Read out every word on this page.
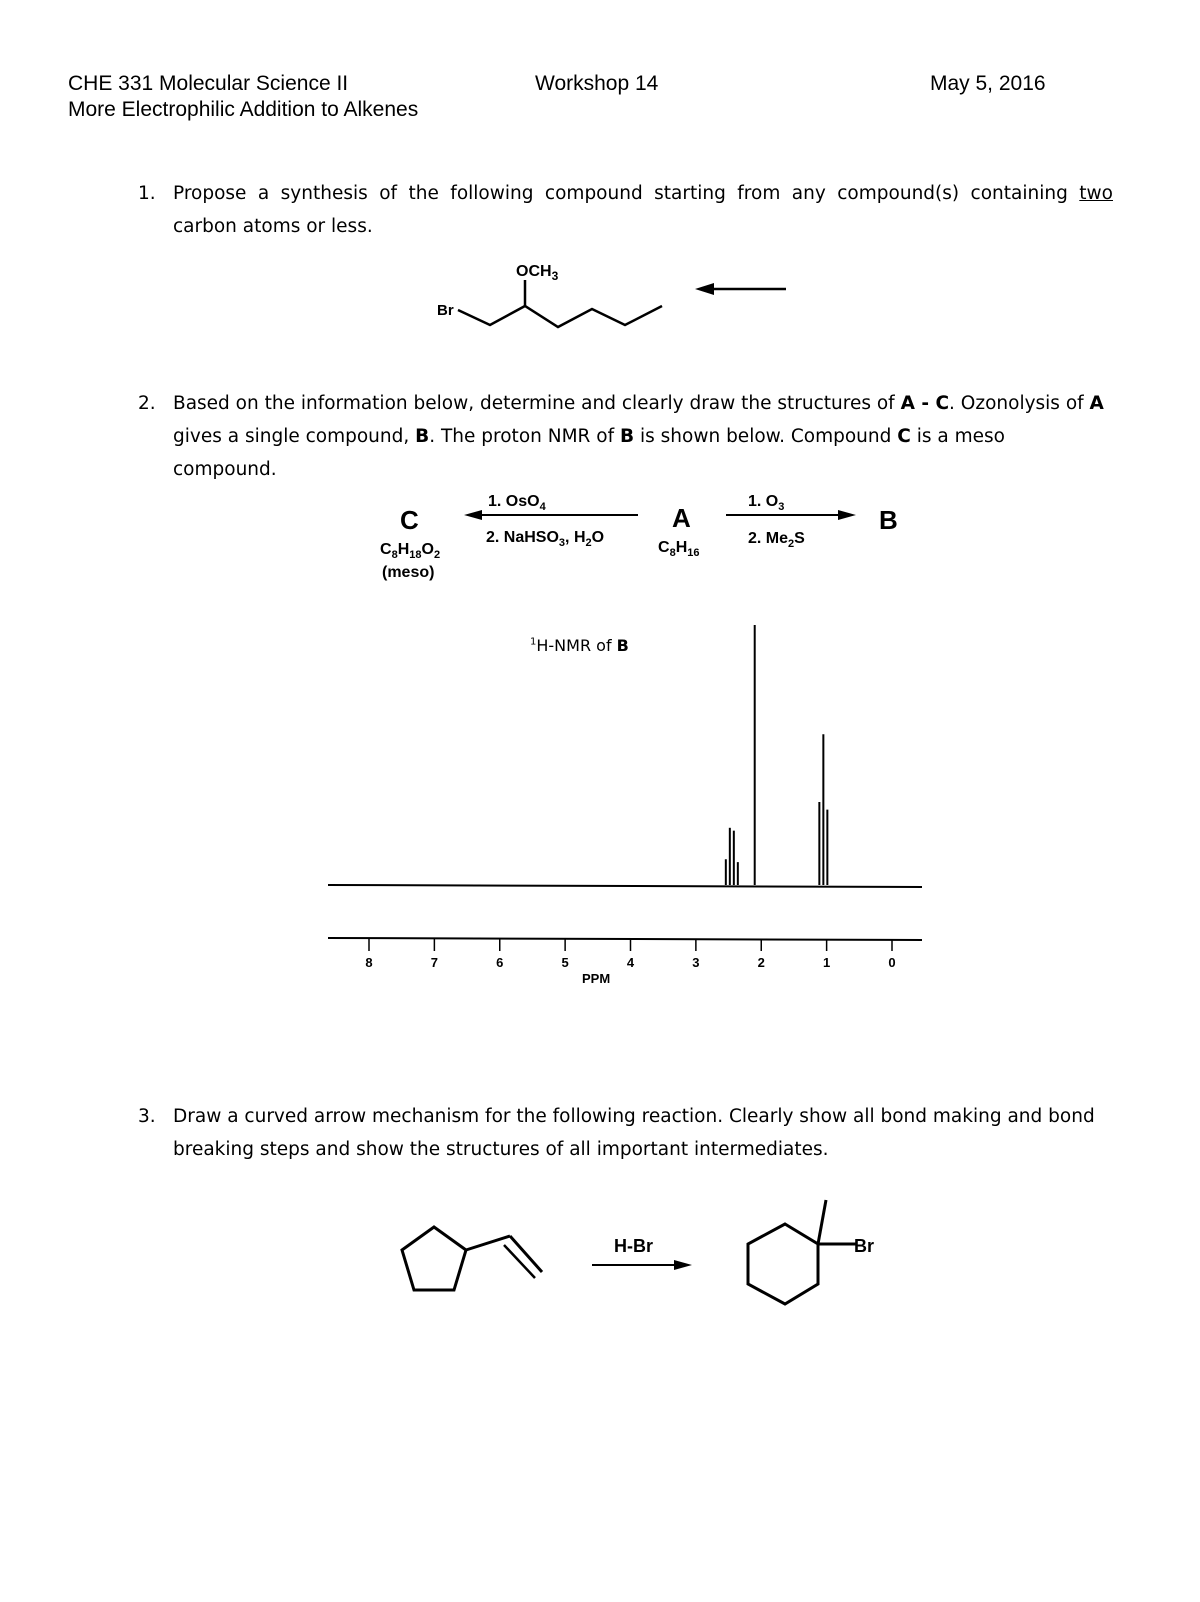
CHE 331 Molecular Science II
More Electrophilic Addition to Alkenes
Workshop 14	May 5, 2016
1. Propose a synthesis of the following compound starting from any compound(s) containing two carbon atoms or less.
$OCH_3$
Br
2. Based on the information below, determine and clearly draw the structures of A - C. Ozonolysis of A gives a single compound, B. The proton NMR of B is shown below. Compound C is a meso compound.
C
$C_8H_{18}O_2$
(meso)
1. OsO$_4$
2. NaHSO$_3$, $H_2O$
A
$C_8H_{16}$
1. $O_3$
2. $Me_2S$
B
$^1$H-NMR of B
8	7	6	5	4	3	2	1	0
PPM
3. Draw a curved arrow mechanism for the following reaction. Clearly show all bond making and bond breaking steps and show the structures of all important intermediates.
H-Br	Br
